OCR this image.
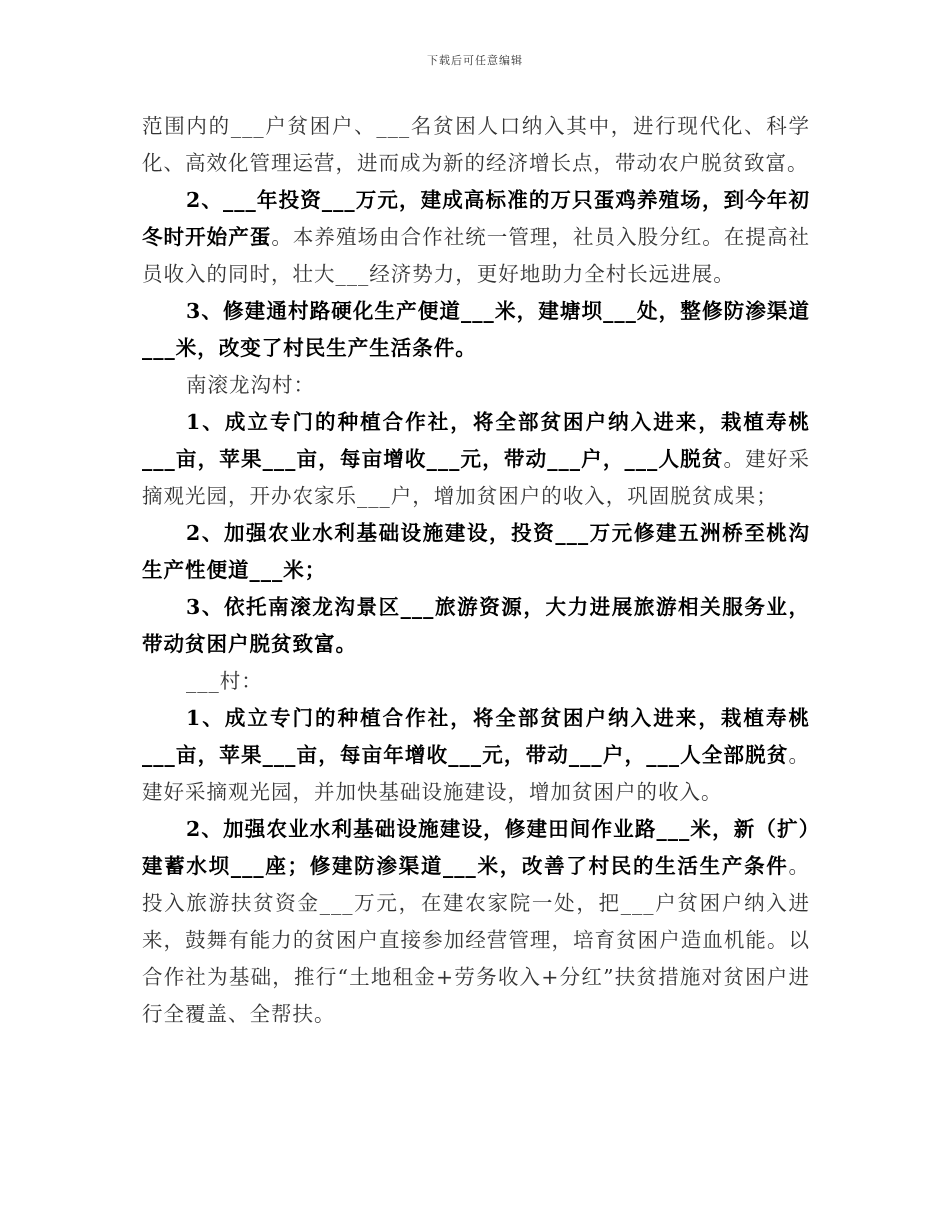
下载后可任意编辑

范围内的___户贫困户、___名贫困人口纳入其中，进行现代化、科学化、高效化管理运营，进而成为新的经济增长点，带动农户脱贫致富。

2、___年投资___万元，建成高标准的万只蛋鸡养殖场，到今年初冬时开始产蛋。本养殖场由合作社统一管理，社员入股分红。在提高社员收入的同时，壮大___经济势力，更好地助力全村长远进展。

3、修建通村路硬化生产便道___米，建塘坝___处，整修防渗渠道___米，改变了村民生产生活条件。

南滚龙沟村：

1、成立专门的种植合作社，将全部贫困户纳入进来，栽植寿桃___亩，苹果___亩，每亩增收___元，带动___户，___人脱贫。建好采摘观光园，开办农家乐___户，增加贫困户的收入，巩固脱贫成果；

2、加强农业水利基础设施建设，投资___万元修建五洲桥至桃沟生产性便道___米；

3、依托南滚龙沟景区___旅游资源，大力进展旅游相关服务业，带动贫困户脱贫致富。

___村：

1、成立专门的种植合作社，将全部贫困户纳入进来，栽植寿桃___亩，苹果___亩，每亩年增收___元，带动___户，___人全部脱贫。建好采摘观光园，并加快基础设施建设，增加贫困户的收入。

2、加强农业水利基础设施建设，修建田间作业路___米，新（扩）建蓄水坝___座；修建防渗渠道___米，改善了村民的生活生产条件。投入旅游扶贫资金___万元，在建农家院一处，把___户贫困户纳入进来，鼓舞有能力的贫困户直接参加经营管理，培育贫困户造血机能。以合作社为基础，推行“土地租金+劳务收入+分红”扶贫措施对贫困户进行全覆盖、全帮扶。
